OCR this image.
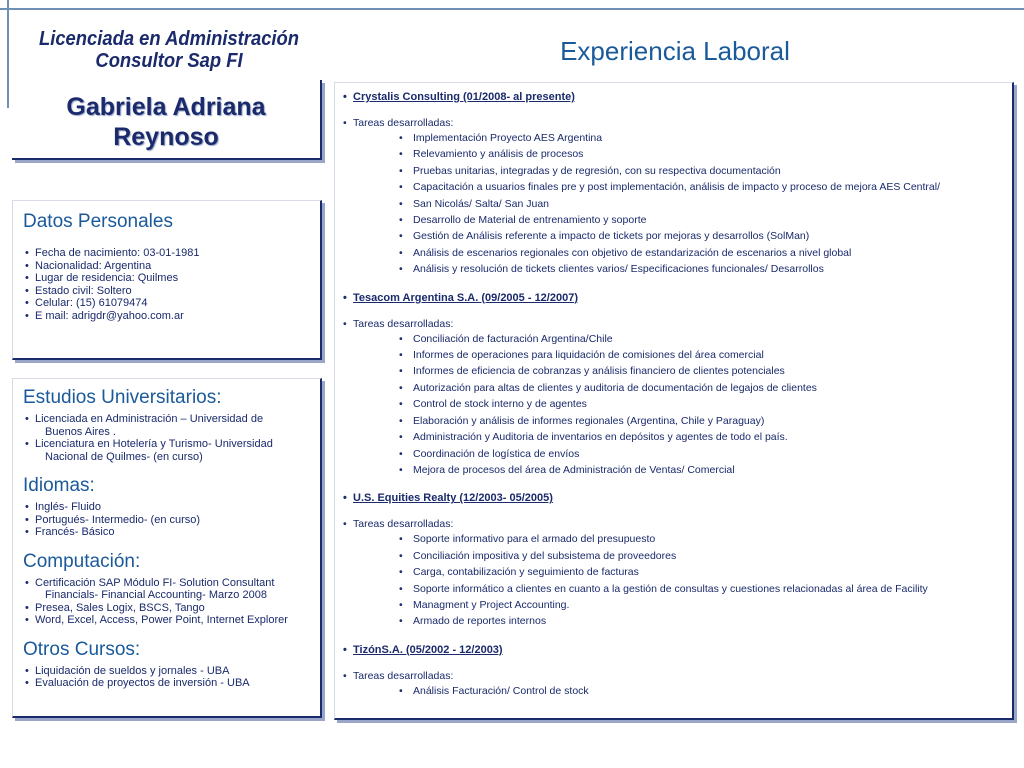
Licenciada en Administración
Consultor Sap FI
Gabriela Adriana
Reynoso
Datos Personales
• Fecha de nacimiento: 03-01-1981
• Nacionalidad: Argentina
• Lugar de residencia: Quilmes
• Estado civil: Soltero
• Celular: (15) 61079474
• E mail: adrigdr@yahoo.com.ar
Estudios Universitarios:
• Licenciada en Administración – Universidad de
Buenos Aires .
• Licenciatura en Hotelería y Turismo- Universidad
Nacional de Quilmes- (en curso)
Idiomas:
• Inglés- Fluido
• Portugués- Intermedio- (en curso)
• Francés- Básico
Computación:
• Certificación SAP Módulo FI- Solution Consultant
Financials- Financial Accounting- Marzo 2008
• Presea, Sales Logix, BSCS, Tango
• Word, Excel, Access, Power Point, Internet Explorer
Otros Cursos:
• Liquidación de sueldos y jornales - UBA
• Evaluación de proyectos de inversión - UBA
Experiencia Laboral
• Crystalis Consulting (01/2008- al presente)
• Tareas desarrolladas:
• Implementación Proyecto AES Argentina
• Relevamiento y análisis de procesos
• Pruebas unitarias, integradas y de regresión, con su respectiva documentación
• Capacitación a usuarios finales pre y post implementación, análisis de impacto y proceso de mejora AES Central/
• San Nicolás/ Salta/ San Juan
• Desarrollo de Material de entrenamiento y soporte
• Gestión de Análisis referente a impacto de tickets por mejoras y desarrollos (SolMan)
• Análisis de escenarios regionales con objetivo de estandarización de escenarios a nivel global
• Análisis y resolución de tickets clientes varios/ Especificaciones funcionales/ Desarrollos
• Tesacom Argentina S.A. (09/2005 - 12/2007)
• Tareas desarrolladas:
• Conciliación de facturación Argentina/Chile
• Informes de operaciones para liquidación de comisiones del área comercial
• Informes de eficiencia de cobranzas y análisis financiero de clientes potenciales
• Autorización para altas de clientes y auditoria de documentación de legajos de clientes
• Control de stock interno y de agentes
• Elaboración y análisis de informes regionales (Argentina, Chile y Paraguay)
• Administración y Auditoria de inventarios en depósitos y agentes de todo el país.
• Coordinación de logística de envíos
• Mejora de procesos del área de Administración de Ventas/ Comercial
• U.S. Equities Realty (12/2003- 05/2005)
• Tareas desarrolladas:
• Soporte informativo para el armado del presupuesto
• Conciliación impositiva y del subsistema de proveedores
• Carga, contabilización y seguimiento de facturas
• Soporte informático a clientes en cuanto a la gestión de consultas y cuestiones relacionadas al área de Facility
• Managment y Project Accounting.
• Armado de reportes internos
• TizónS.A. (05/2002 - 12/2003)
• Tareas desarrolladas:
• Análisis Facturación/ Control de stock
